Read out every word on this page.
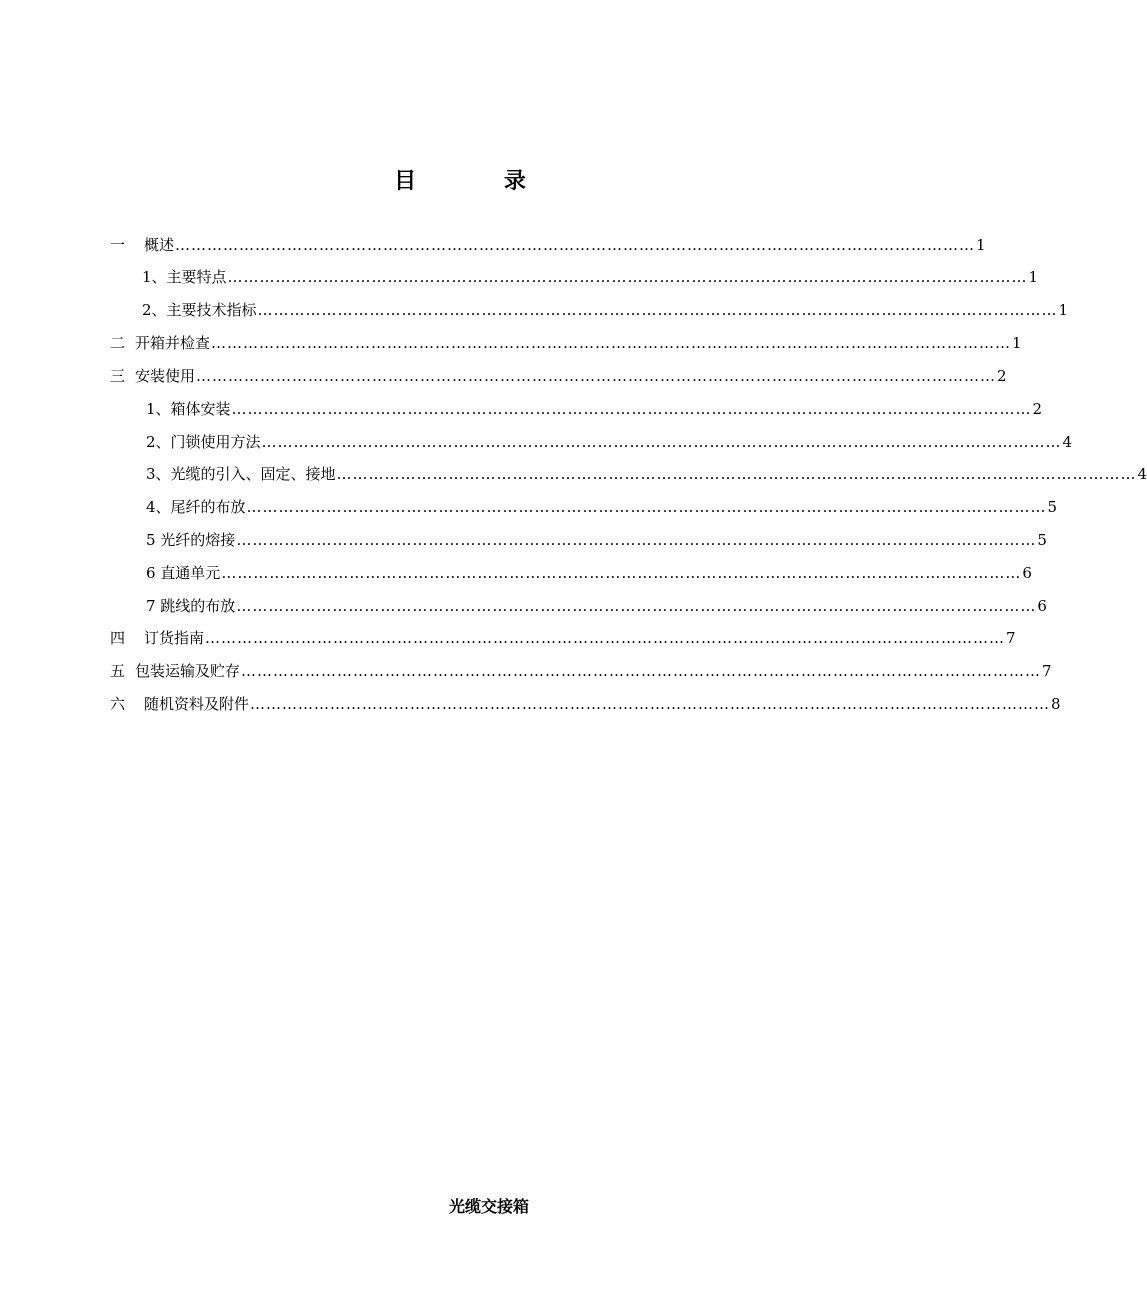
目 录
一	概述 …………………………………………………………………………………………………………………………………… 1
1、主要特点 …………………………………………………………………………………………………………………………………… 1
2、主要技术指标 …………………………………………………………………………………………………………………………………… 1
二 开箱并检查 …………………………………………………………………………………………………………………………………… 1
三 安装使用 …………………………………………………………………………………………………………………………………… 2
1、箱体安装 …………………………………………………………………………………………………………………………………… 2
2、门锁使用方法 …………………………………………………………………………………………………………………………………… 4
3、光缆的引入、固定、接地 …………………………………………………………………………………………………………………………………… 4
4、尾纤的布放 …………………………………………………………………………………………………………………………………… 5
5 光纤的熔接 …………………………………………………………………………………………………………………………………… 5
6 直通单元 …………………………………………………………………………………………………………………………………… 6
7 跳线的布放 …………………………………………………………………………………………………………………………………… 6
四	订货指南 …………………………………………………………………………………………………………………………………… 7
五 包装运输及贮存 …………………………………………………………………………………………………………………………………… 7
六	随机资料及附件 …………………………………………………………………………………………………………………………………… 8
光缆交接箱
